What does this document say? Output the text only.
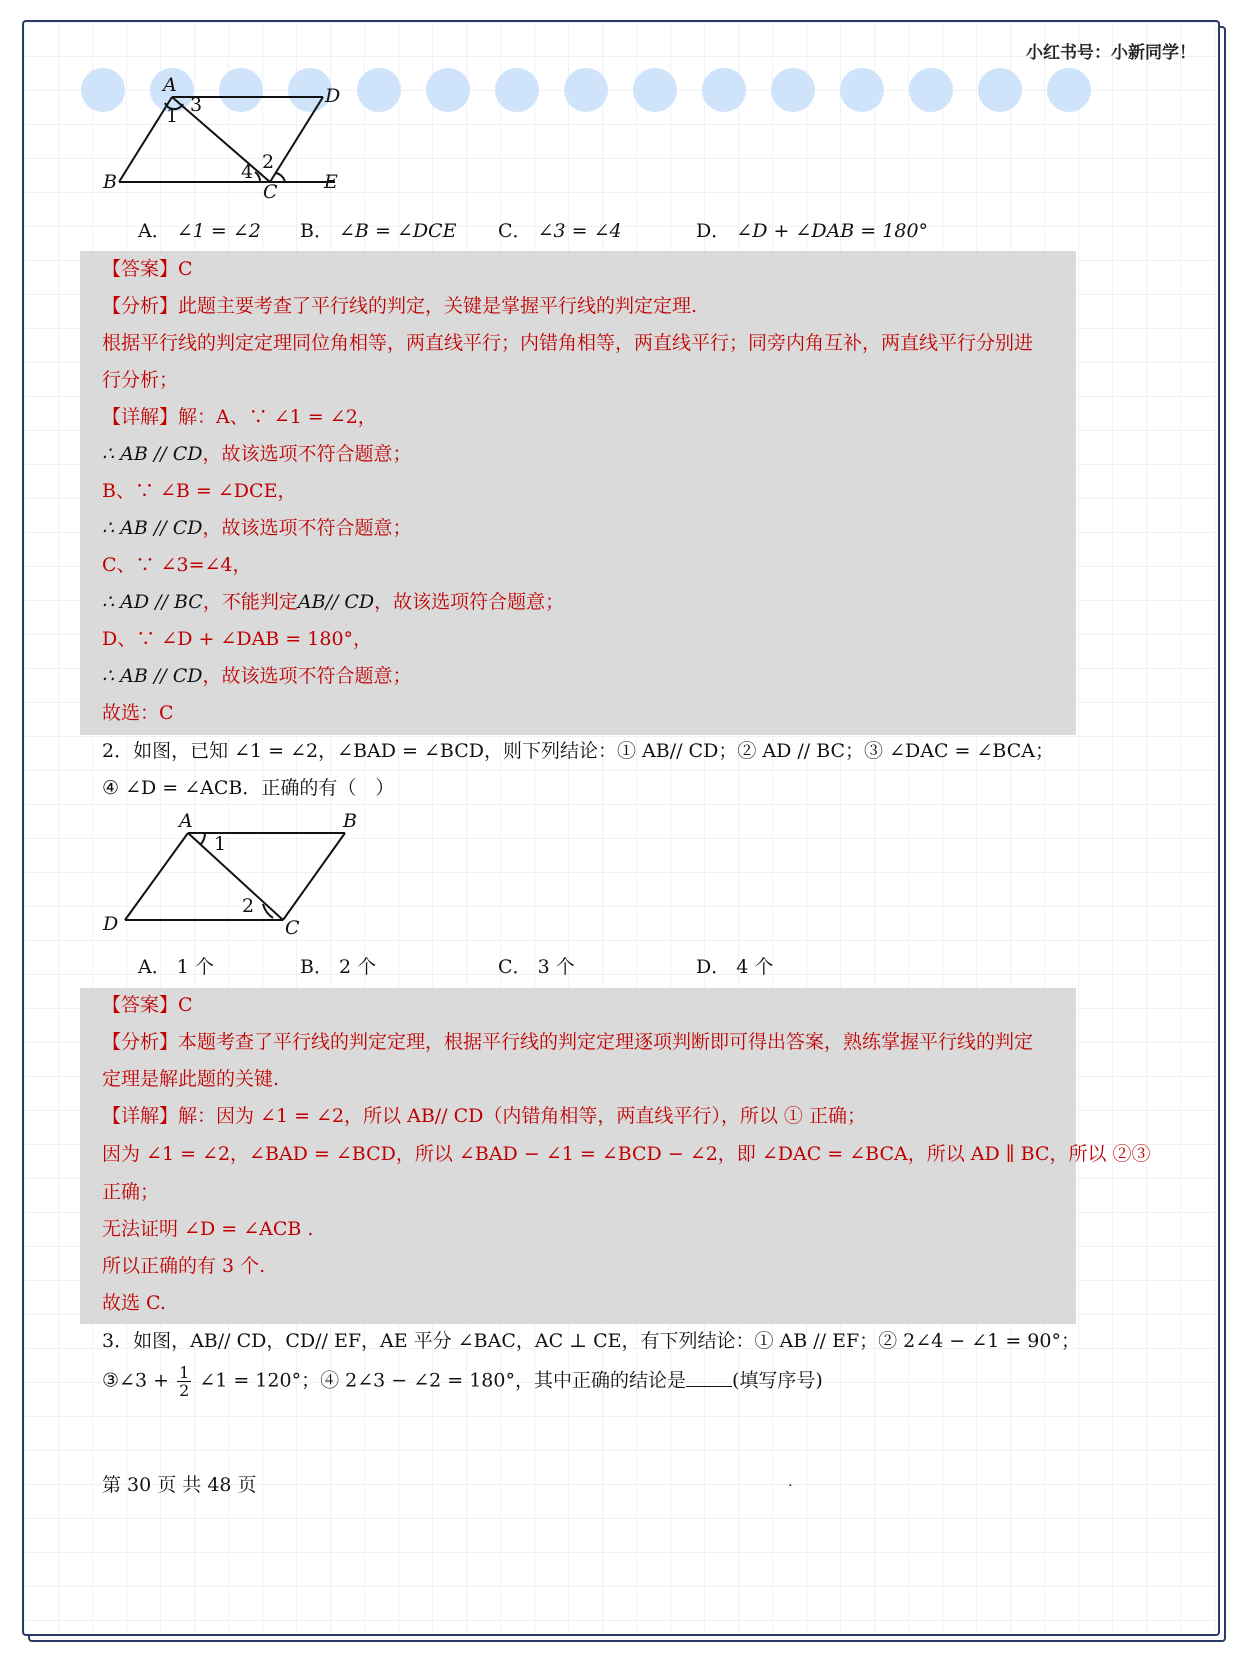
小红书号：小新同学！
A	D
B	C E
1 3
2
4
A． ∠1 = ∠2 B． ∠B = ∠DCE C． ∠3 = ∠4	D． ∠D + ∠DAB = 180°
【答案】C
【分析】此题主要考查了平行线的判定，关键是掌握平行线的判定定理.
根据平行线的判定定理同位角相等，两直线平行；内错角相等，两直线平行；同旁内角互补，两直线平行分别进
行分析；
【详解】解：A、∵ ∠1 = ∠2，
∴ AB // CD，故该选项不符合题意；
B、∵ ∠B = ∠DCE，
∴ AB // CD，故该选项不符合题意；
C、∵ ∠3=∠4，
∴ AD // BC，不能判定AB// CD，故该选项符合题意；
D、∵ ∠D + ∠DAB = 180°，
∴ AB // CD，故该选项不符合题意；
故选：C
2．如图，已知 ∠1 = ∠2，∠BAD = ∠BCD，则下列结论：① AB// CD；② AD // BC；③ ∠DAC = ∠BCA；
④ ∠D = ∠ACB．正确的有（　）
A	B
D	C
1
2
A． 1 个	B． 2 个	C． 3 个	D． 4 个
【答案】C
【分析】本题考查了平行线的判定定理，根据平行线的判定定理逐项判断即可得出答案，熟练掌握平行线的判定
定理是解此题的关键.
【详解】解：因为 ∠1 = ∠2，所以 AB// CD（内错角相等，两直线平行），所以 ① 正确；
因为 ∠1 = ∠2，∠BAD = ∠BCD，所以 ∠BAD − ∠1 = ∠BCD − ∠2，即 ∠DAC = ∠BCA，所以 AD ∥ BC，所以 ②③
正确；
无法证明 ∠D = ∠ACB .
所以正确的有 3 个.
故选 C.
3．如图，AB// CD，CD// EF，AE 平分 ∠BAC，AC ⊥ CE，有下列结论：① AB // EF；② 2∠4 − ∠1 = 90°；
③∠3 + $\frac{1}{2}$ ∠1 = 120°；④ 2∠3 − ∠2 = 180°，其中正确的结论是 (填写序号)
第 30 页 共 48 页	.
